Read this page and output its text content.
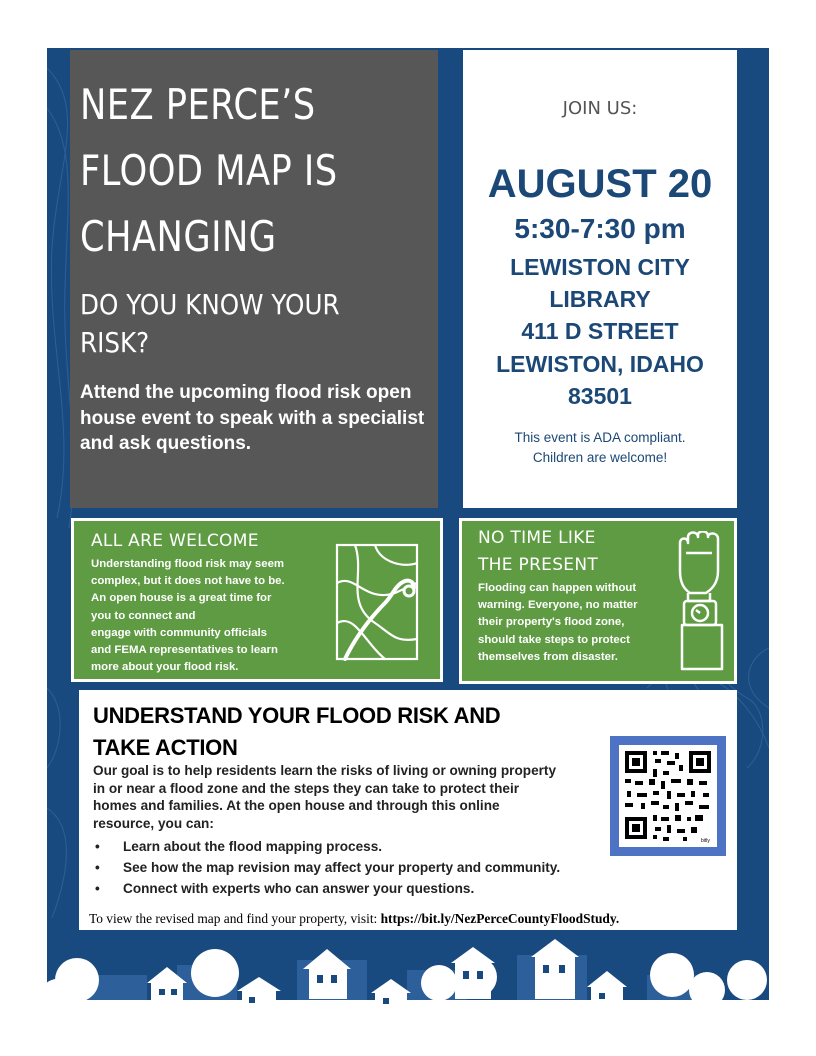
NEZ PERCE’S
FLOOD MAP IS
CHANGING
DO YOU KNOW YOUR
RISK?
Attend the upcoming flood risk open
house event to speak with a specialist
and ask questions.
JOIN US:
AUGUST 20
5:30-7:30 pm
LEWISTON CITY
LIBRARY
411 D STREET
LEWISTON, IDAHO
83501
This event is ADA compliant.
Children are welcome!
ALL ARE WELCOME
Understanding flood risk may seem
complex, but it does not have to be.
An open house is a great time for
you to connect and
engage with community officials
and FEMA representatives to learn
more about your flood risk.
NO TIME LIKE
THE PRESENT
Flooding can happen without
warning. Everyone, no matter
their property's flood zone,
should take steps to protect
themselves from disaster.
UNDERSTAND YOUR FLOOD RISK AND
TAKE ACTION
Our goal is to help residents learn the risks of living or owning property
in or near a flood zone and the steps they can take to protect their
homes and families. At the open house and through this online
resource, you can:
• Learn about the flood mapping process.
• See how the map revision may affect your property and community.
• Connect with experts who can answer your questions.
To view the revised map and find your property, visit: https://bit.ly/NezPerceCountyFloodStudy.
bitly
